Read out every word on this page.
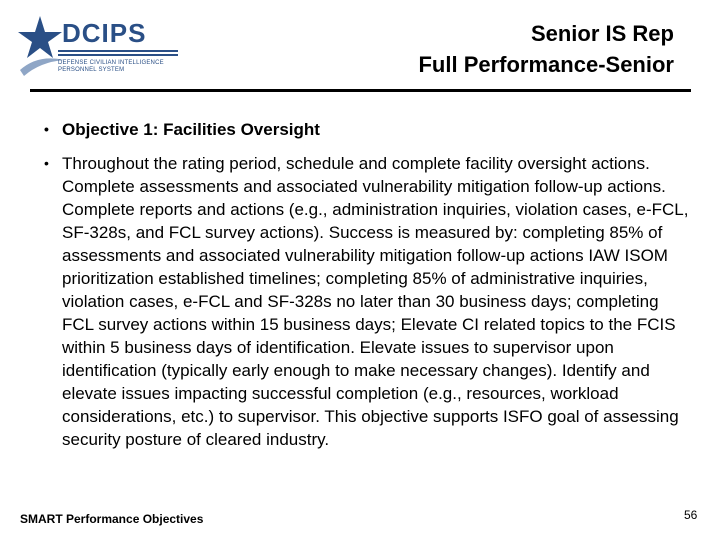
DCIPS
DEFENSE CIVILIAN INTELLIGENCE
PERSONNEL SYSTEM
Senior IS Rep
Full Performance-Senior
• Objective 1: Facilities Oversight
• Throughout the rating period, schedule and complete facility oversight actions. Complete assessments and associated vulnerability mitigation follow-up actions. Complete reports and actions (e.g., administration inquiries, violation cases, e-FCL, SF-328s, and FCL survey actions). Success is measured by: completing 85% of assessments and associated vulnerability mitigation follow-up actions IAW ISOM prioritization established timelines; completing 85% of administrative inquiries, violation cases, e-FCL and SF-328s no later than 30 business days; completing FCL survey actions within 15 business days; Elevate CI related topics to the FCIS within 5 business days of identification. Elevate issues to supervisor upon identification (typically early enough to make necessary changes). Identify and elevate issues impacting successful completion (e.g., resources, workload considerations, etc.) to supervisor. This objective supports ISFO goal of assessing security posture of cleared industry.
SMART Performance Objectives	56
